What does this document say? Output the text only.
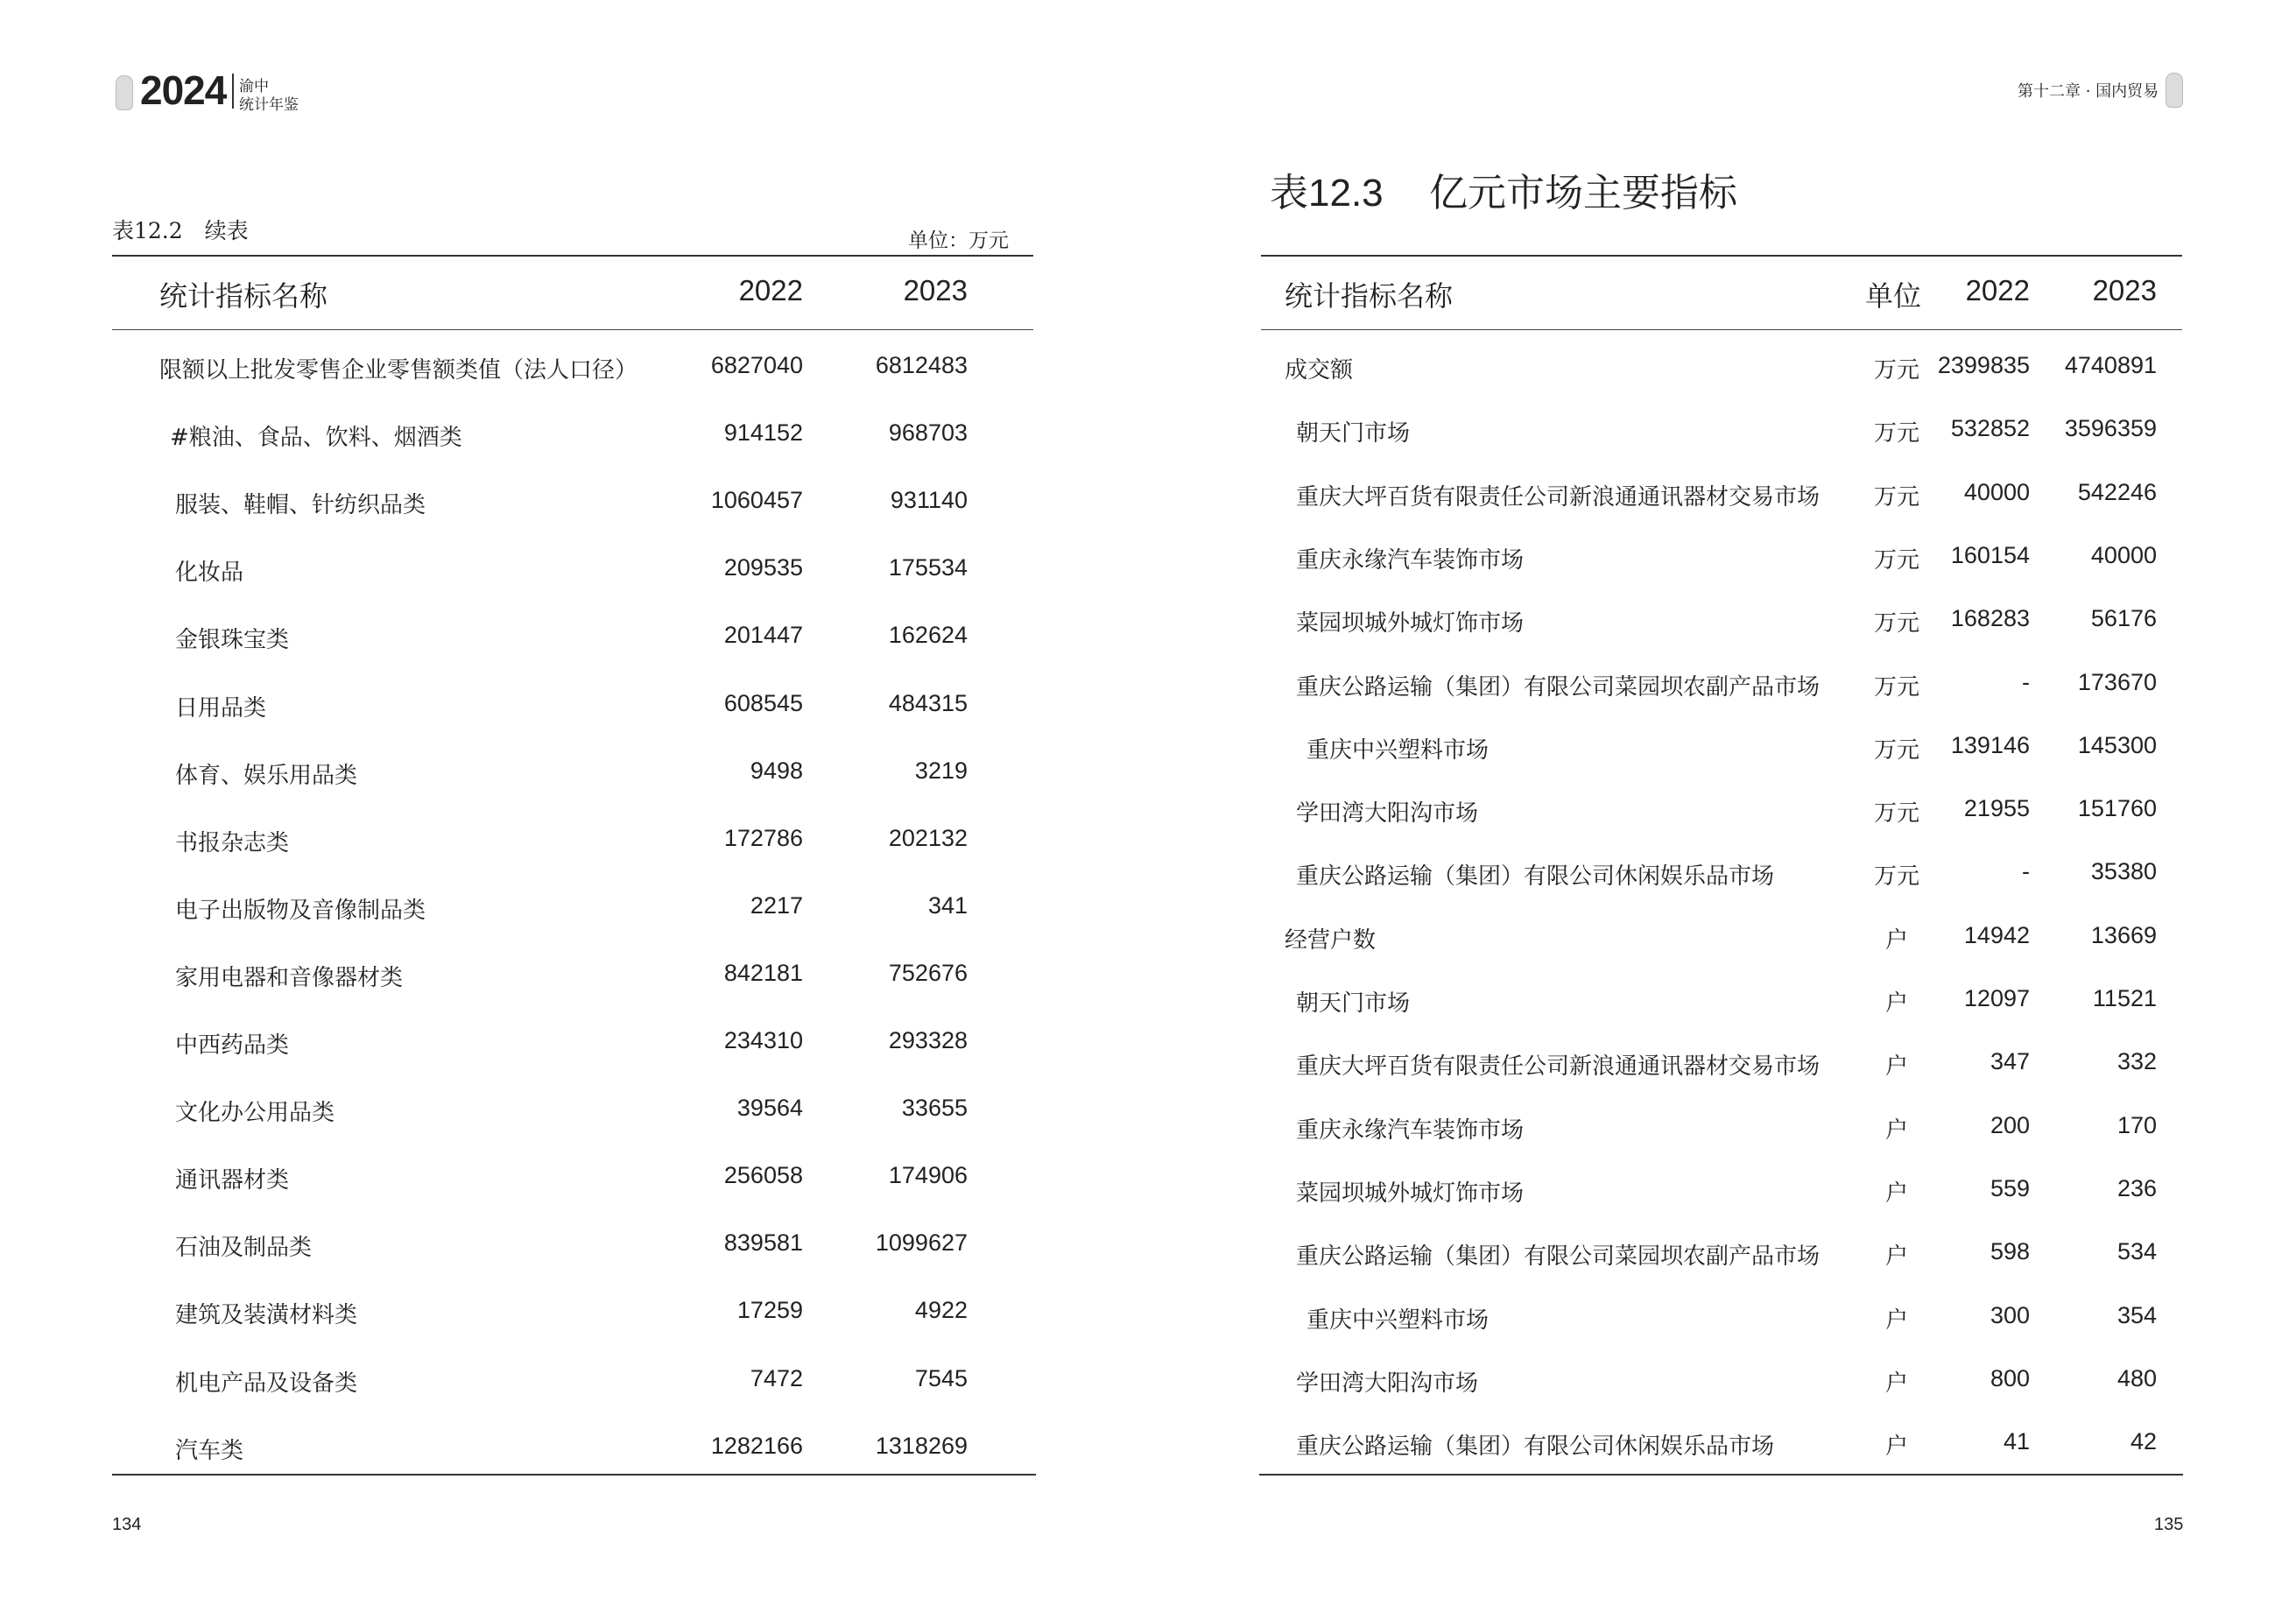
2024 渝中
统计年鉴
第十二章 · 国内贸易
表12.2　续表	单位：万元
统计指标名称	2022	2023
限额以上批发零售企业零售额类值（法人口径）	6827040	6812483
#粮油、食品、饮料、烟酒类	914152	968703
服装、鞋帽、针纺织品类	1060457	931140
化妆品	209535	175534
金银珠宝类	201447	162624
日用品类	608545	484315
体育、娱乐用品类	9498	3219
书报杂志类	172786	202132
电子出版物及音像制品类	2217	341
家用电器和音像器材类	842181	752676
中西药品类	234310	293328
文化办公用品类	39564	33655
通讯器材类	256058	174906
石油及制品类	839581	1099627
建筑及装潢材料类	17259	4922
机电产品及设备类	7472	7545
汽车类	1282166	1318269
表12.3 亿元市场主要指标
统计指标名称	单位	2022	2023
成交额	万元 2399835	4740891
朝天门市场	万元	532852	3596359
重庆大坪百货有限责任公司新浪通通讯器材交易市场 万元	40000	542246
重庆永缘汽车装饰市场	万元	160154	40000
菜园坝城外城灯饰市场	万元	168283	56176
重庆公路运输（集团）有限公司菜园坝农副产品市场 万元	-	173670
重庆中兴塑料市场	万元	139146	145300
学田湾大阳沟市场	万元	21955	151760
重庆公路运输（集团）有限公司休闲娱乐品市场	万元	-	35380
经营户数	户	14942	13669
朝天门市场	户	12097	11521
重庆大坪百货有限责任公司新浪通通讯器材交易市场	户	347	332
重庆永缘汽车装饰市场	户	200	170
菜园坝城外城灯饰市场	户	559	236
重庆公路运输（集团）有限公司菜园坝农副产品市场	户	598	534
重庆中兴塑料市场	户	300	354
学田湾大阳沟市场	户	800	480
重庆公路运输（集团）有限公司休闲娱乐品市场	户	41	42
134	135
